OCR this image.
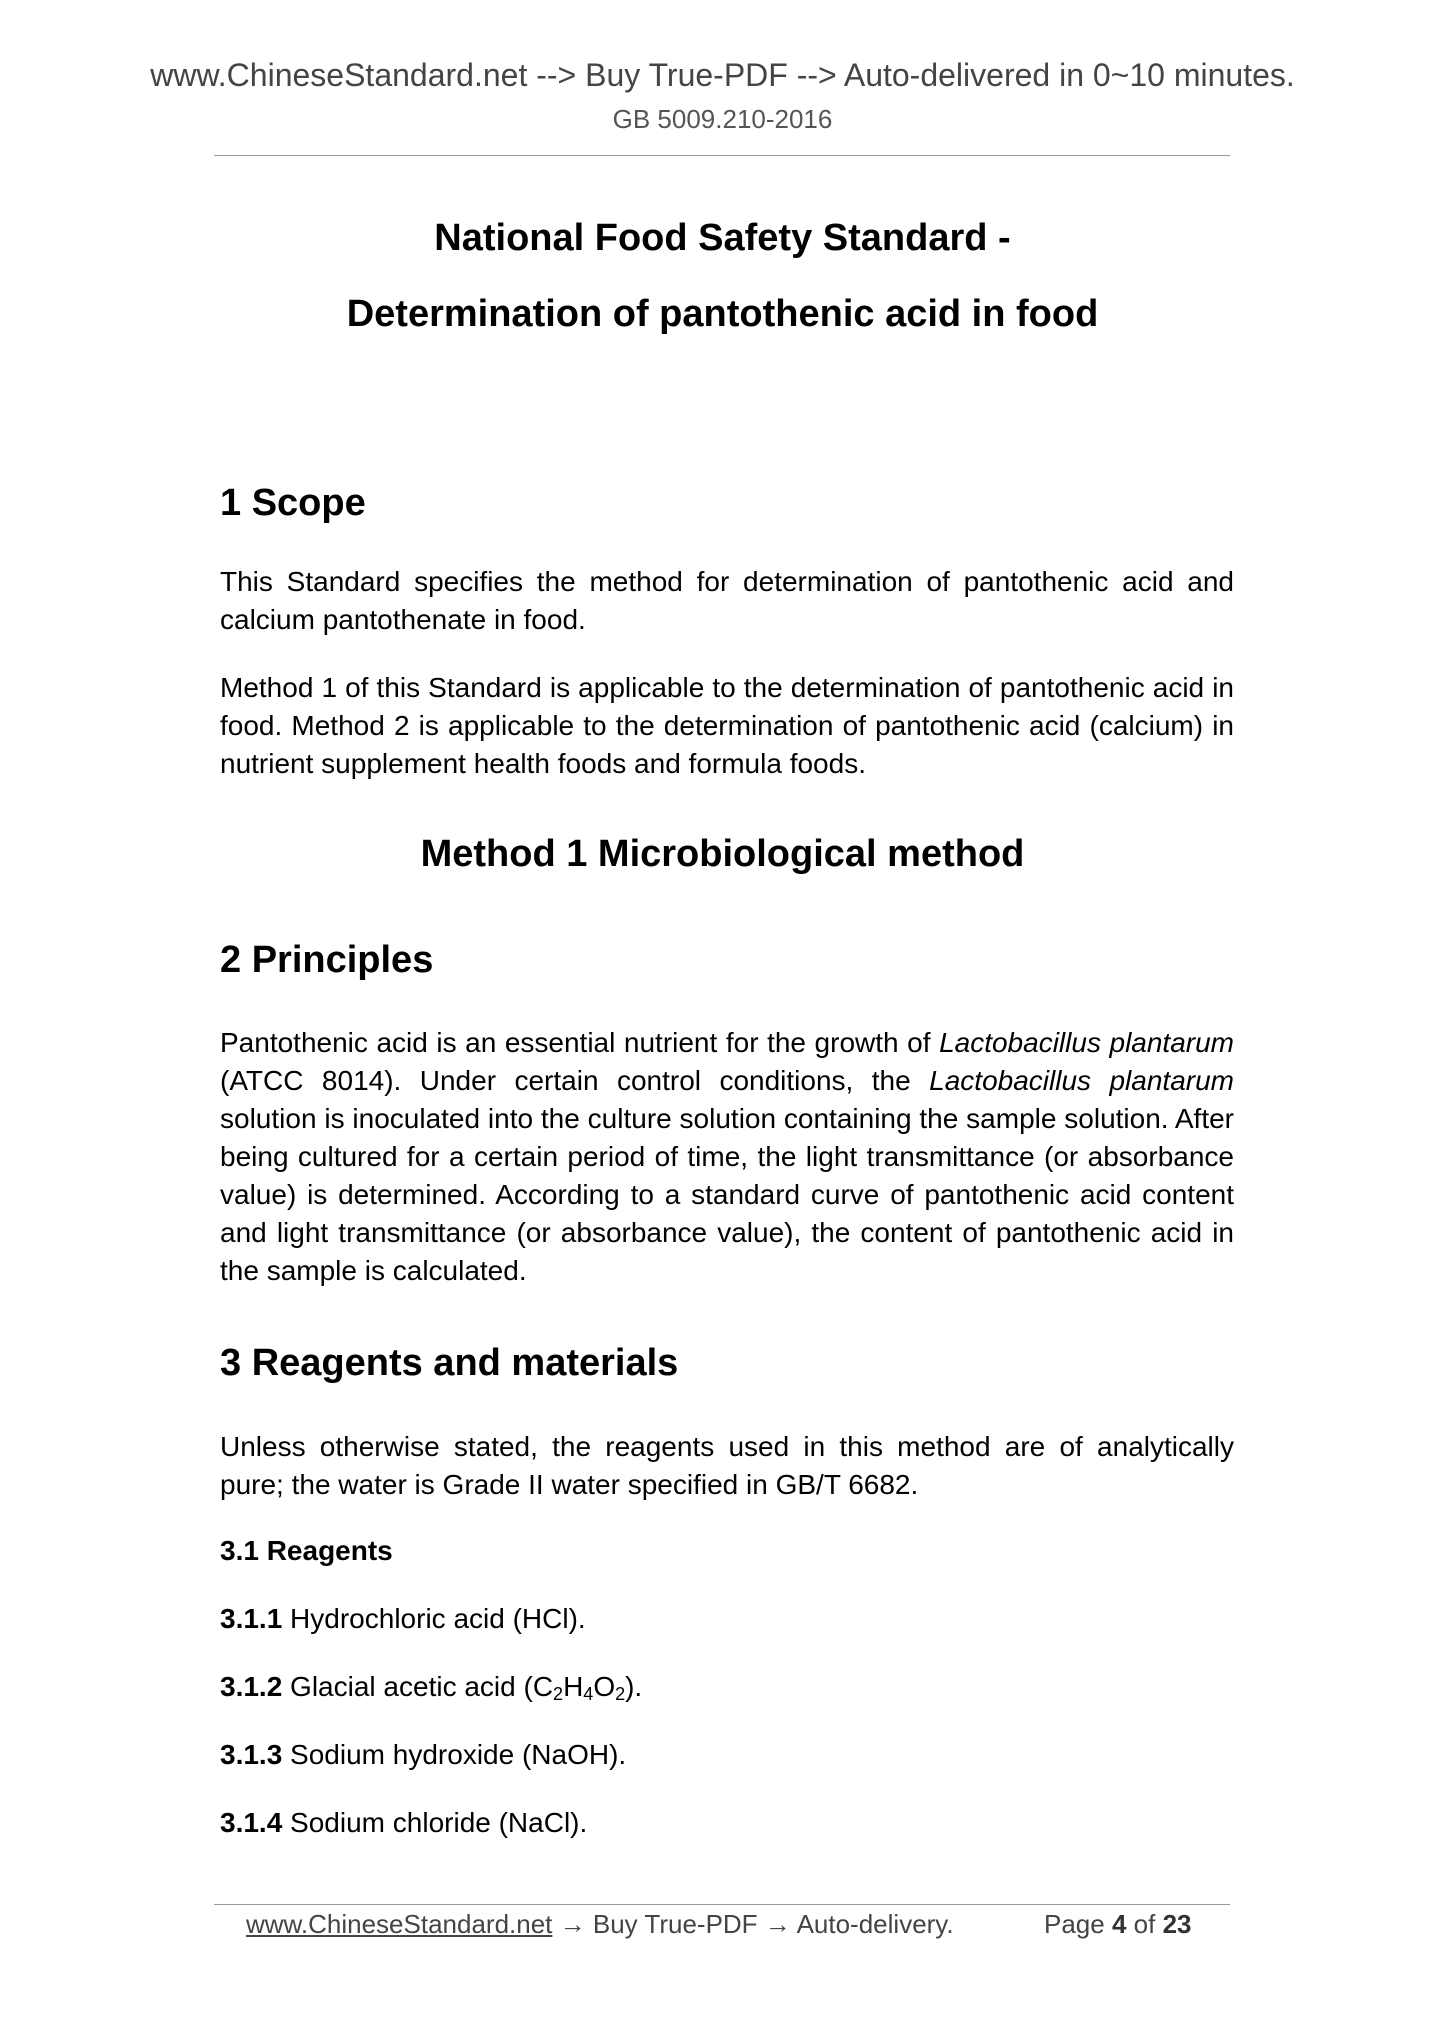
www.ChineseStandard.net --> Buy True-PDF --> Auto-delivered in 0~10 minutes.
GB 5009.210-2016
National Food Safety Standard -
Determination of pantothenic acid in food
1 Scope

This Standard specifies the method for determination of pantothenic acid and calcium pantothenate in food.

Method 1 of this Standard is applicable to the determination of pantothenic acid in food. Method 2 is applicable to the determination of pantothenic acid (calcium) in nutrient supplement health foods and formula foods.

Method 1 Microbiological method
2 Principles

Pantothenic acid is an essential nutrient for the growth of Lactobacillus plantarum (ATCC 8014). Under certain control conditions, the Lactobacillus plantarum solution is inoculated into the culture solution containing the sample solution. After being cultured for a certain period of time, the light transmittance (or absorbance value) is determined. According to a standard curve of pantothenic acid content and light transmittance (or absorbance value), the content of pantothenic acid in the sample is calculated.

3 Reagents and materials

Unless otherwise stated, the reagents used in this method are of analytically pure; the water is Grade II water specified in GB/T 6682.

3.1 Reagents
3.1.1 Hydrochloric acid (HCl).
3.1.2 Glacial acetic acid $(C_2H_4O_2)$.
3.1.3 Sodium hydroxide (NaOH).
3.1.4 Sodium chloride (NaCl).
www.ChineseStandard.net → Buy True-PDF → Auto-delivery.	Page 4 of 23
